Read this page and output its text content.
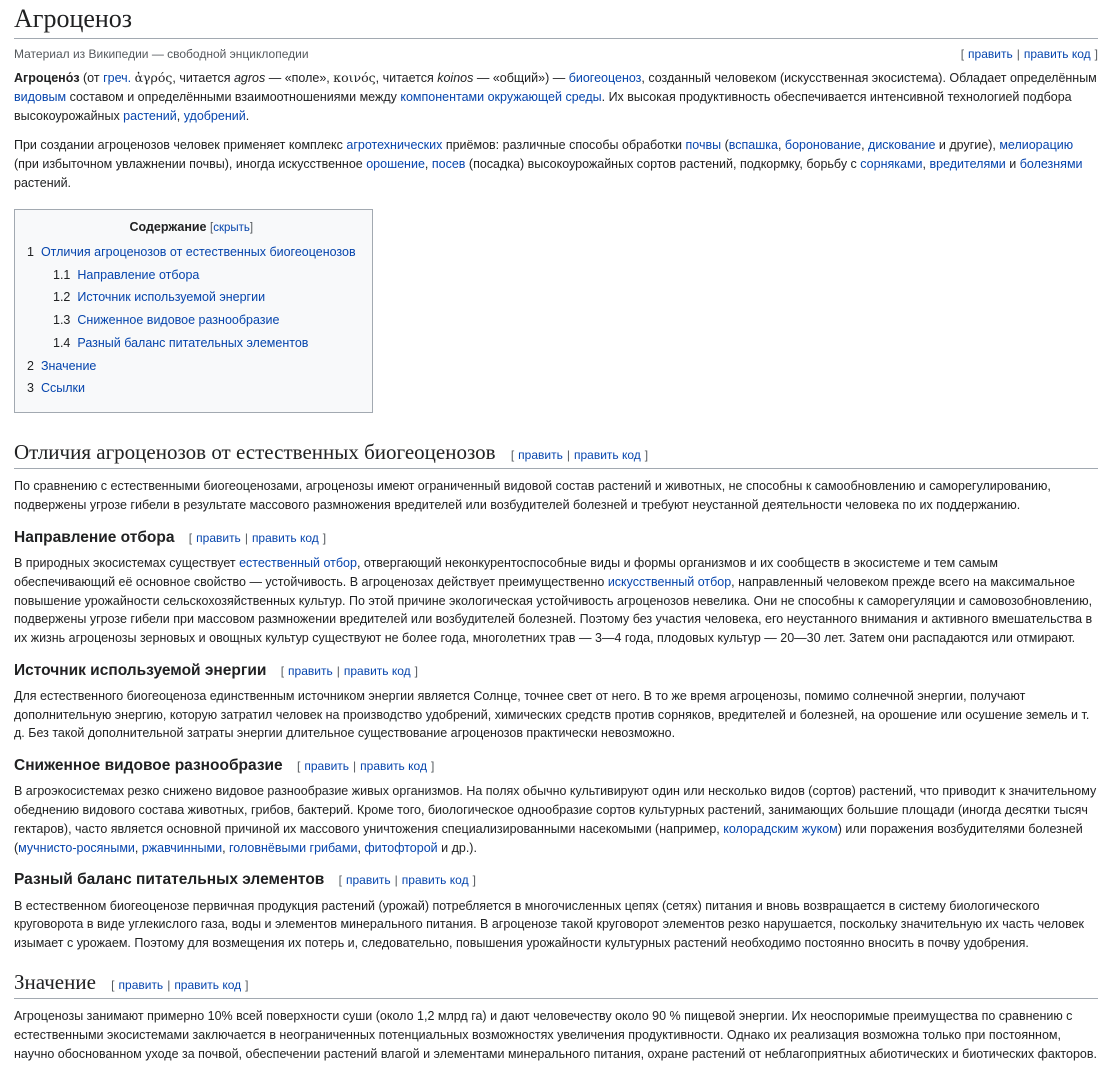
Агроценоз
Материал из Википедии — свободной энциклопедии	[ править | править код ]

Агроцено́з (от греч. ἀγρός, читается agros — «поле», κοινός, читается koinos — «общий») — биогеоценоз, созданный человеком (искусственная экосистема). Обладает определённым видовым составом и определёнными взаимоотношениями между компонентами окружающей среды. Их высокая продуктивность обеспечивается интенсивной технологией подбора высокоурожайных растений, удобрений.

При создании агроценозов человек применяет комплекс агротехнических приёмов: различные способы обработки почвы (вспашка, боронование, дискование и другие), мелиорацию (при избыточном увлажнении почвы), иногда искусственное орошение, посев (посадка) высокоурожайных сортов растений, подкормку, борьбу с сорняками, вредителями и болезнями растений.

Содержание [скрыть]
1 Отличия агроценозов от естественных биогеоценозов
1.1 Направление отбора
1.2 Источник используемой энергии
1.3 Сниженное видовое разнообразие
1.4 Разный баланс питательных элементов
2 Значение
3 Ссылки
Отличия агроценозов от естественных биогеоценозов [ править | править код ]

По сравнению с естественными биогеоценозами, агроценозы имеют ограниченный видовой состав растений и животных, не способны к самообновлению и саморегулированию, подвержены угрозе гибели в результате массового размножения вредителей или возбудителей болезней и требуют неустанной деятельности человека по их поддержанию.

Направление отбора [ править | править код ]

В природных экосистемах существует естественный отбор, отвергающий неконкурентоспособные виды и формы организмов и их сообществ в экосистеме и тем самым обеспечивающий её основное свойство — устойчивость. В агроценозах действует преимущественно искусственный отбор, направленный человеком прежде всего на максимальное повышение урожайности сельскохозяйственных культур. По этой причине экологическая устойчивость агроценозов невелика. Они не способны к саморегуляции и самовозобновлению, подвержены угрозе гибели при массовом размножении вредителей или возбудителей болезней. Поэтому без участия человека, его неустанного внимания и активного вмешательства в их жизнь агроценозы зерновых и овощных культур существуют не более года, многолетних трав — 3—4 года, плодовых культур — 20—30 лет. Затем они распадаются или отмирают.

Источник используемой энергии [ править | править код ]

Для естественного биогеоценоза единственным источником энергии является Солнце, точнее свет от него. В то же время агроценозы, помимо солнечной энергии, получают дополнительную энергию, которую затратил человек на производство удобрений, химических средств против сорняков, вредителей и болезней, на орошение или осушение земель и т. д. Без такой дополнительной затраты энергии длительное существование агроценозов практически невозможно.

Сниженное видовое разнообразие [ править | править код ]

В агроэкосистемах резко снижено видовое разнообразие живых организмов. На полях обычно культивируют один или несколько видов (сортов) растений, что приводит к значительному обеднению видового состава животных, грибов, бактерий. Кроме того, биологическое однообразие сортов культурных растений, занимающих большие площади (иногда десятки тысяч гектаров), часто является основной причиной их массового уничтожения специализированными насекомыми (например, колорадским жуком) или поражения возбудителями болезней (мучнисто-росяными, ржавчинными, головнёвыми грибами, фитофторой и др.).

Разный баланс питательных элементов [ править | править код ]

В естественном биогеоценозе первичная продукция растений (урожай) потребляется в многочисленных цепях (сетях) питания и вновь возвращается в систему биологического круговорота в виде углекислого газа, воды и элементов минерального питания. В агроценозе такой круговорот элементов резко нарушается, поскольку значительную их часть человек изымает с урожаем. Поэтому для возмещения их потерь и, следовательно, повышения урожайности культурных растений необходимо постоянно вносить в почву удобрения.

Значение [ править | править код ]

Агроценозы занимают примерно 10% всей поверхности суши (около 1,2 млрд га) и дают человечеству около 90 % пищевой энергии. Их неоспоримые преимущества по сравнению с естественными экосистемами заключается в неограниченных потенциальных возможностях увеличения продуктивности. Однако их реализация возможна только при постоянном, научно обоснованном уходе за почвой, обеспечении растений влагой и элементами минерального питания, охране растений от неблагоприятных абиотических и биотических факторов.
